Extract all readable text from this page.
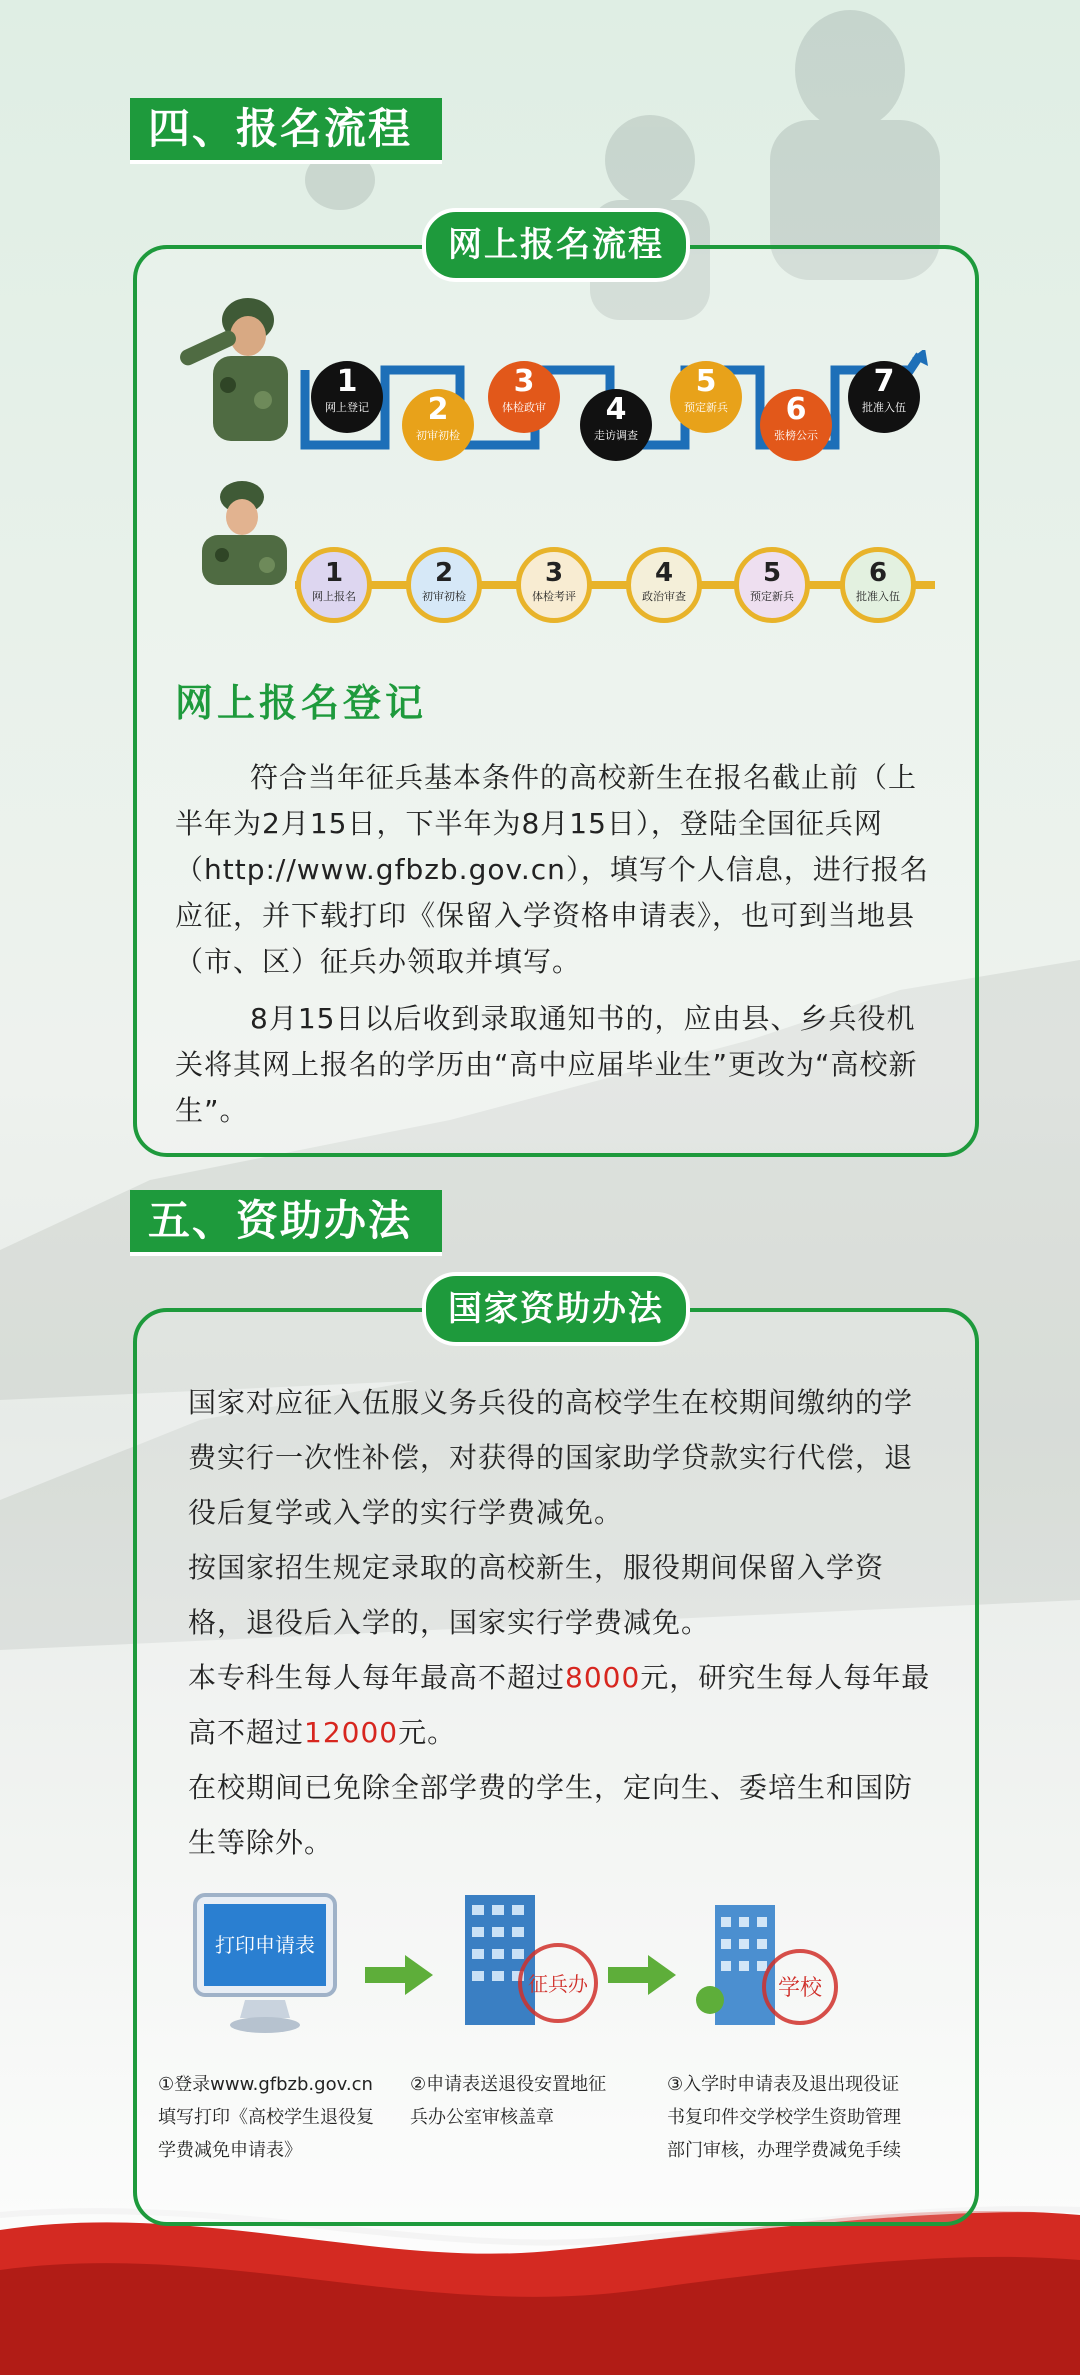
四、报名流程
网上报名流程
1
网上登记	2
初审初检
3
体检政审	4
走访调查
5
预定新兵	6
张榜公示
7
批准入伍
1
网上报名
2
初审初检
3
体检考评
4
政治审查
5
预定新兵
6
批准入伍
网上报名登记
符合当年征兵基本条件的高校新生在报名截止前（上半年为2月15日，下半年为8月15日），登陆全国征兵网（http://www.gfbzb.gov.cn），填写个人信息，进行报名应征，并下载打印《保留入学资格申请表》，也可到当地县（市、区）征兵办领取并填写。
8月15日以后收到录取通知书的，应由县、乡兵役机关将其网上报名的学历由“高中应届毕业生”更改为“高校新生”。
五、资助办法
国家资助办法
国家对应征入伍服义务兵役的高校学生在校期间缴纳的学费实行一次性补偿，对获得的国家助学贷款实行代偿，退役后复学或入学的实行学费减免。
按国家招生规定录取的高校新生，服役期间保留入学资格，退役后入学的，国家实行学费减免。
本专科生每人每年最高不超过8000元，研究生每人每年最高不超过12000元。
在校期间已免除全部学费的学生，定向生、委培生和国防生等除外。
打印申请表
征兵办	学校
①登录www.gfbzb.gov.cn填写打印《高校学生退役复学费减免申请表》
②申请表送退役安置地征兵办公室审核盖章
③入学时申请表及退出现役证书复印件交学校学生资助管理部门审核，办理学费减免手续
